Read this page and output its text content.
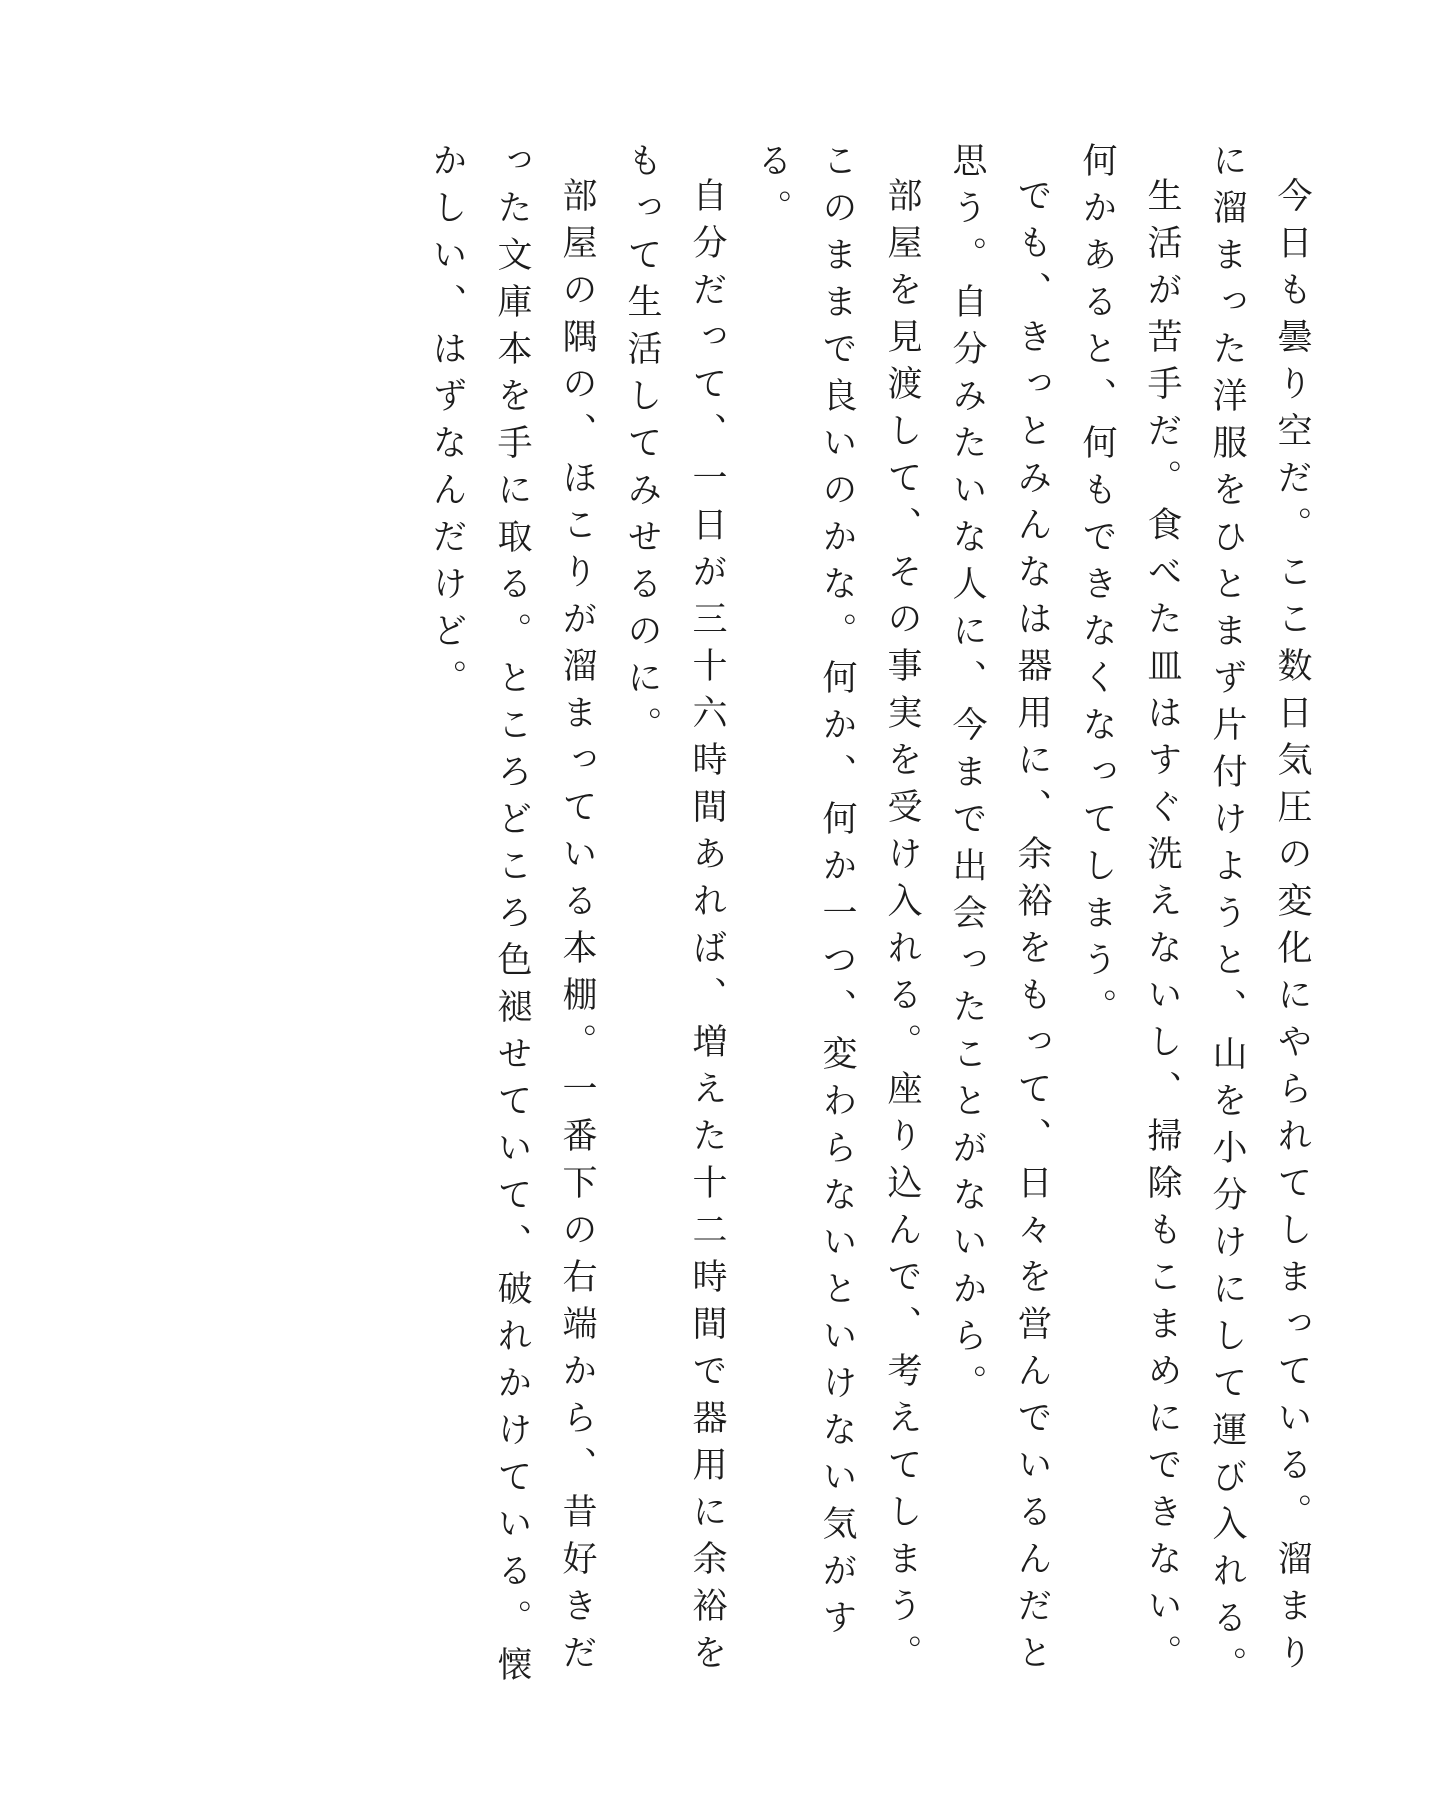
今日も曇り空だ。ここ数日気圧の変化にやられてしまっている。溜まりに溜まった洋服をひとまず片付けようと、山を小分けにして運び入れる。

生活が苦手だ。食べた皿はすぐ洗えないし、掃除もこまめにできない。何かあると、何もできなくなってしまう。

でも、きっとみんなは器用に、余裕をもって、日々を営んでいるんだと思う。自分みたいな人に、今まで出会ったことがないから。

部屋を見渡して、その事実を受け入れる。座り込んで、考えてしまう。このままで良いのかな。何か、何か一つ、変わらないといけない気がする。

自分だって、一日が三十六時間あれば、増えた十二時間で器用に余裕をもって生活してみせるのに。

部屋の隅の、ほこりが溜まっている本棚。一番下の右端から、昔好きだった文庫本を手に取る。ところどころ色褪せていて、破れかけている。懐かしい、はずなんだけど。
